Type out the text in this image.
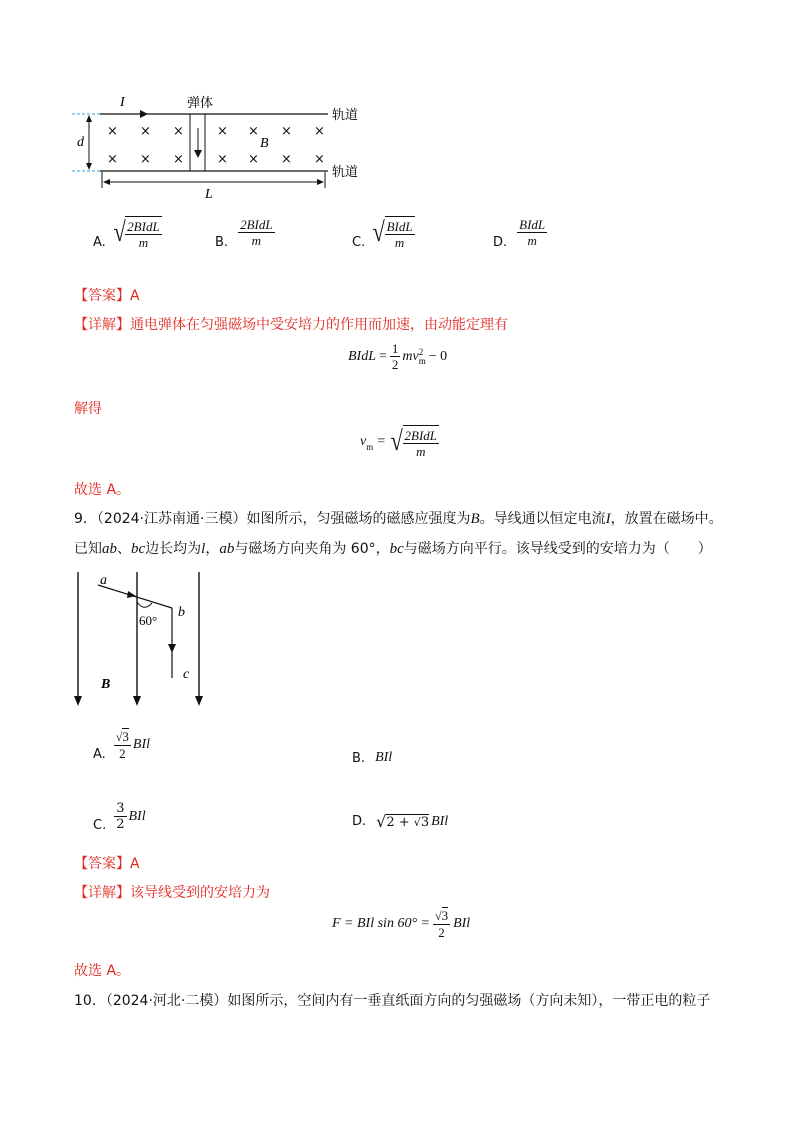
× × ×	× × × ×
× × ×	× × × ×
I	弹体
轨道
轨道
d
L
B
A. √ $\frac{\text{2BIdL}}{m}$	B. $\frac{\text{2BIdL}}{m}$	C. √ $\frac{\text{BIdL}}{m}$	D. $\frac{\text{BIdL}}{m}$
【答案】A
【详解】通电弹体在匀强磁场中受安培力的作用而加速，由动能定理有
BIdL = $\frac{1}{2}$ mv 2
m − 0
解得
v m = √ $\frac{\text{2BIdL}}{m}$
故选 A。
9．（2024·江苏南通·三模）如图所示，匀强磁场的磁感应强度为B。导线通以恒定电流I，放置在磁场中。
已知ab、bc边长均为l，ab与磁场方向夹角为 60°，bc与磁场方向平行。该导线受到的安培力为（　　）
a
b
c
B
60°
A. $\frac{√3}{2}$ BIl
B. BIl
C. $\frac{3}{2}$ BIl	D. √ 2 + √3 BIl
【答案】A
【详解】该导线受到的安培力为
F = BIl $\sin 60^\circ = \frac{√3}{2}$ BIl
故选 A。
10．（2024·河北·二模）如图所示，空间内有一垂直纸面方向的匀强磁场（方向未知），一带正电的粒子
